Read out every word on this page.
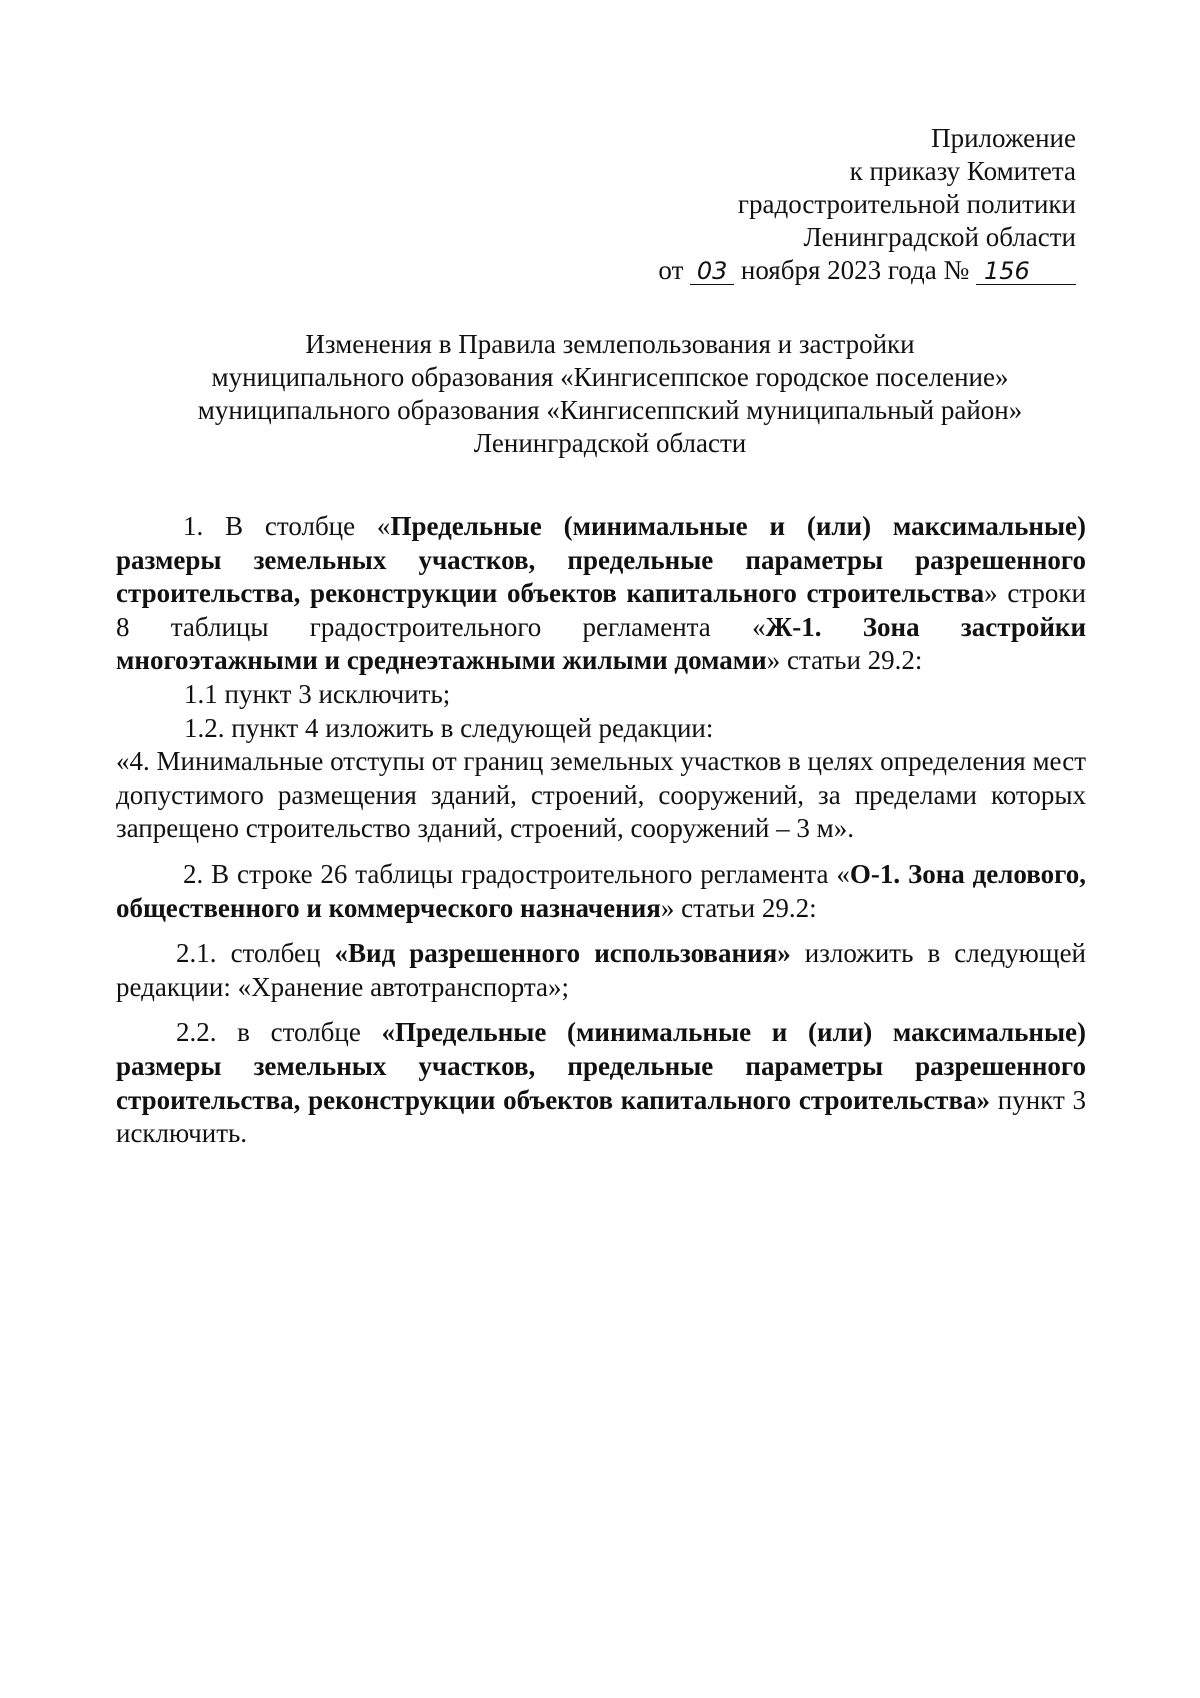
Приложение
к приказу Комитета
градостроительной политики
Ленинградской области
от 03 ноября 2023 года № 156
Изменения в Правила землепользования и застройки
муниципального образования «Кингисеппское городское поселение»
муниципального образования «Кингисеппский муниципальный район»
Ленинградской области

1. В столбце «Предельные (минимальные и (или) максимальные) размеры земельных участков, предельные параметры разрешенного строительства, реконструкции объектов капитального строительства» строки 8 таблицы градостроительного регламента «Ж-1. Зона застройки многоэтажными и среднеэтажными жилыми домами» статьи 29.2:

1.1 пункт 3 исключить;

1.2. пункт 4 изложить в следующей редакции:

«4. Минимальные отступы от границ земельных участков в целях определения мест допустимого размещения зданий, строений, сооружений, за пределами которых запрещено строительство зданий, строений, сооружений – 3 м».

2. В строке 26 таблицы градостроительного регламента «О-1. Зона делового, общественного и коммерческого назначения» статьи 29.2:

2.1. столбец «Вид разрешенного использования» изложить в следующей редакции: «Хранение автотранспорта»;

2.2. в столбце «Предельные (минимальные и (или) максимальные) размеры земельных участков, предельные параметры разрешенного строительства, реконструкции объектов капитального строительства» пункт 3 исключить.
